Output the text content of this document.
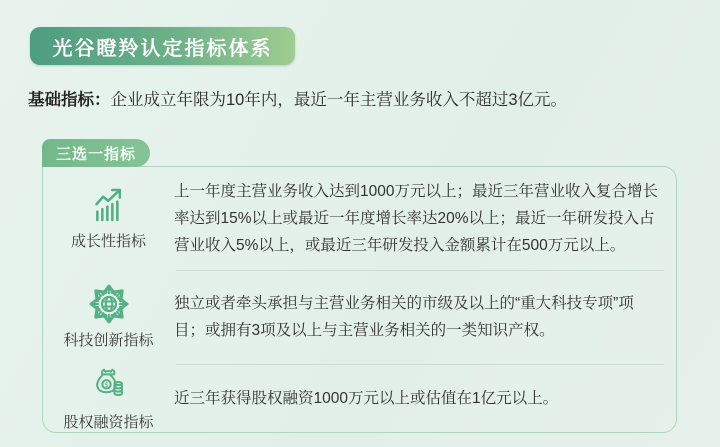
光谷瞪羚认定指标体系
基础指标：企业成立年限为10年内，最近一年主营业务收入不超过3亿元。
三选一指标
成长性指标

上一年度主营业务收入达到1000万元以上；最近三年营业收入复合增长率达到15%以上或最近一年度增长率达20%以上；最近一年研发投入占营业收入5%以上，或最近三年研发投入金额累计在500万元以上。

科技创新指标

独立或者牵头承担与主营业务相关的市级及以上的“重大科技专项”项目；或拥有3项及以上与主营业务相关的一类知识产权。

$
股权融资指标

近三年获得股权融资1000万元以上或估值在1亿元以上。
